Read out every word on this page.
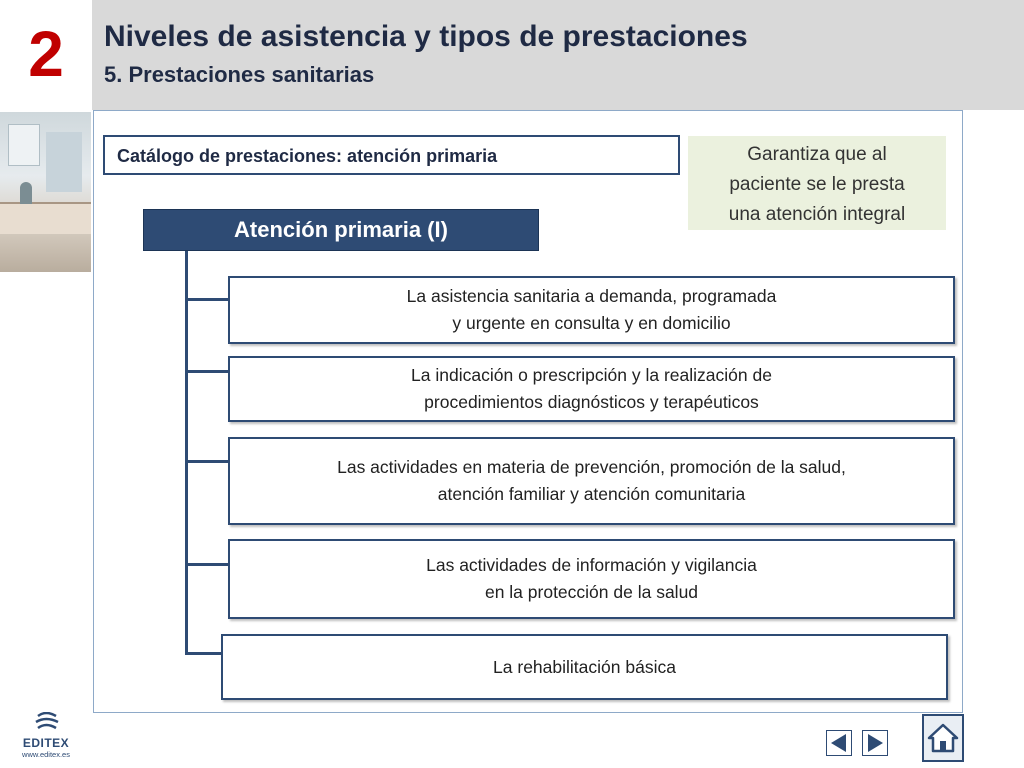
2	Niveles de asistencia y tipos de prestaciones
5. Prestaciones sanitarias
Catálogo de prestaciones: atención primaria	Garantiza que al
paciente se le presta
una atención integral
Atención primaria (I)
La asistencia sanitaria a demanda, programada
y urgente en consulta y en domicilio
La indicación o prescripción y la realización de
procedimientos diagnósticos y terapéuticos
Las actividades en materia de prevención, promoción de la salud,
atención familiar y atención comunitaria
Las actividades de información y vigilancia
en la protección de la salud
La rehabilitación básica
EDITEX
www.editex.es
